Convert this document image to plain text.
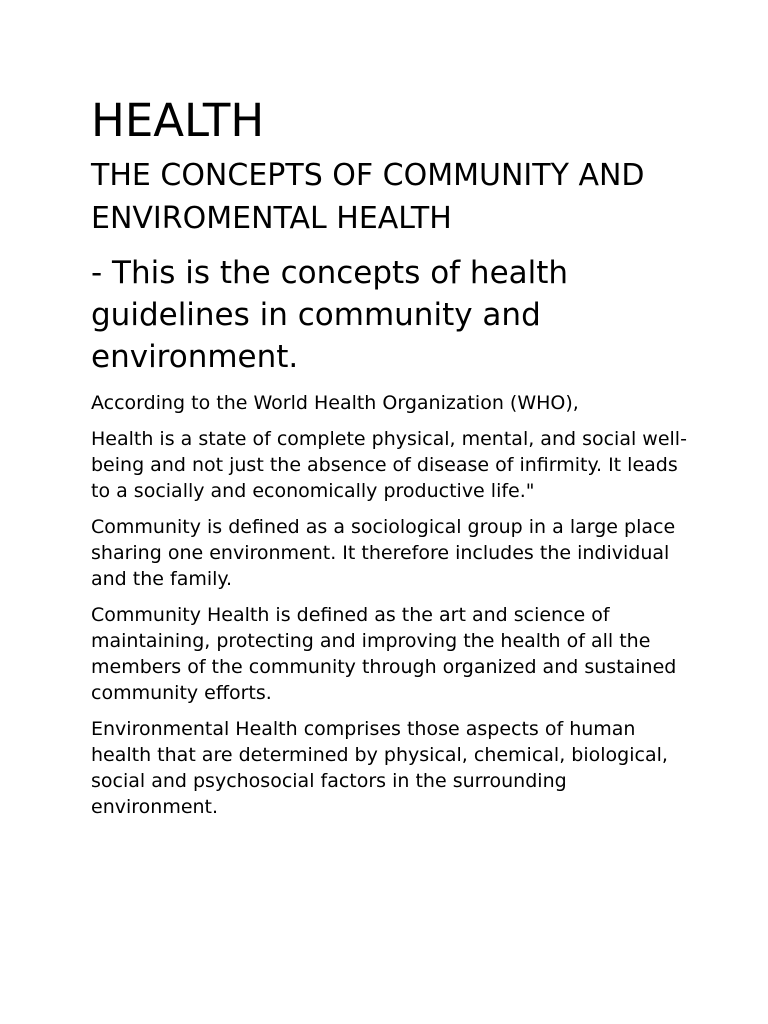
HEALTH
THE CONCEPTS OF COMMUNITY AND ENVIROMENTAL HEALTH

- This is the concepts of health guidelines in community and environment.

According to the World Health Organization (WHO),

Health is a state of complete physical, mental, and social well-being and not just the absence of disease of infirmity. It leads to a socially and economically productive life."

Community is defined as a sociological group in a large place sharing one environment. It therefore includes the individual and the family.

Community Health is defined as the art and science of maintaining, protecting and improving the health of all the members of the community through organized and sustained community efforts.

Environmental Health comprises those aspects of human health that are determined by physical, chemical, biological, social and psychosocial factors in the surrounding environment.
